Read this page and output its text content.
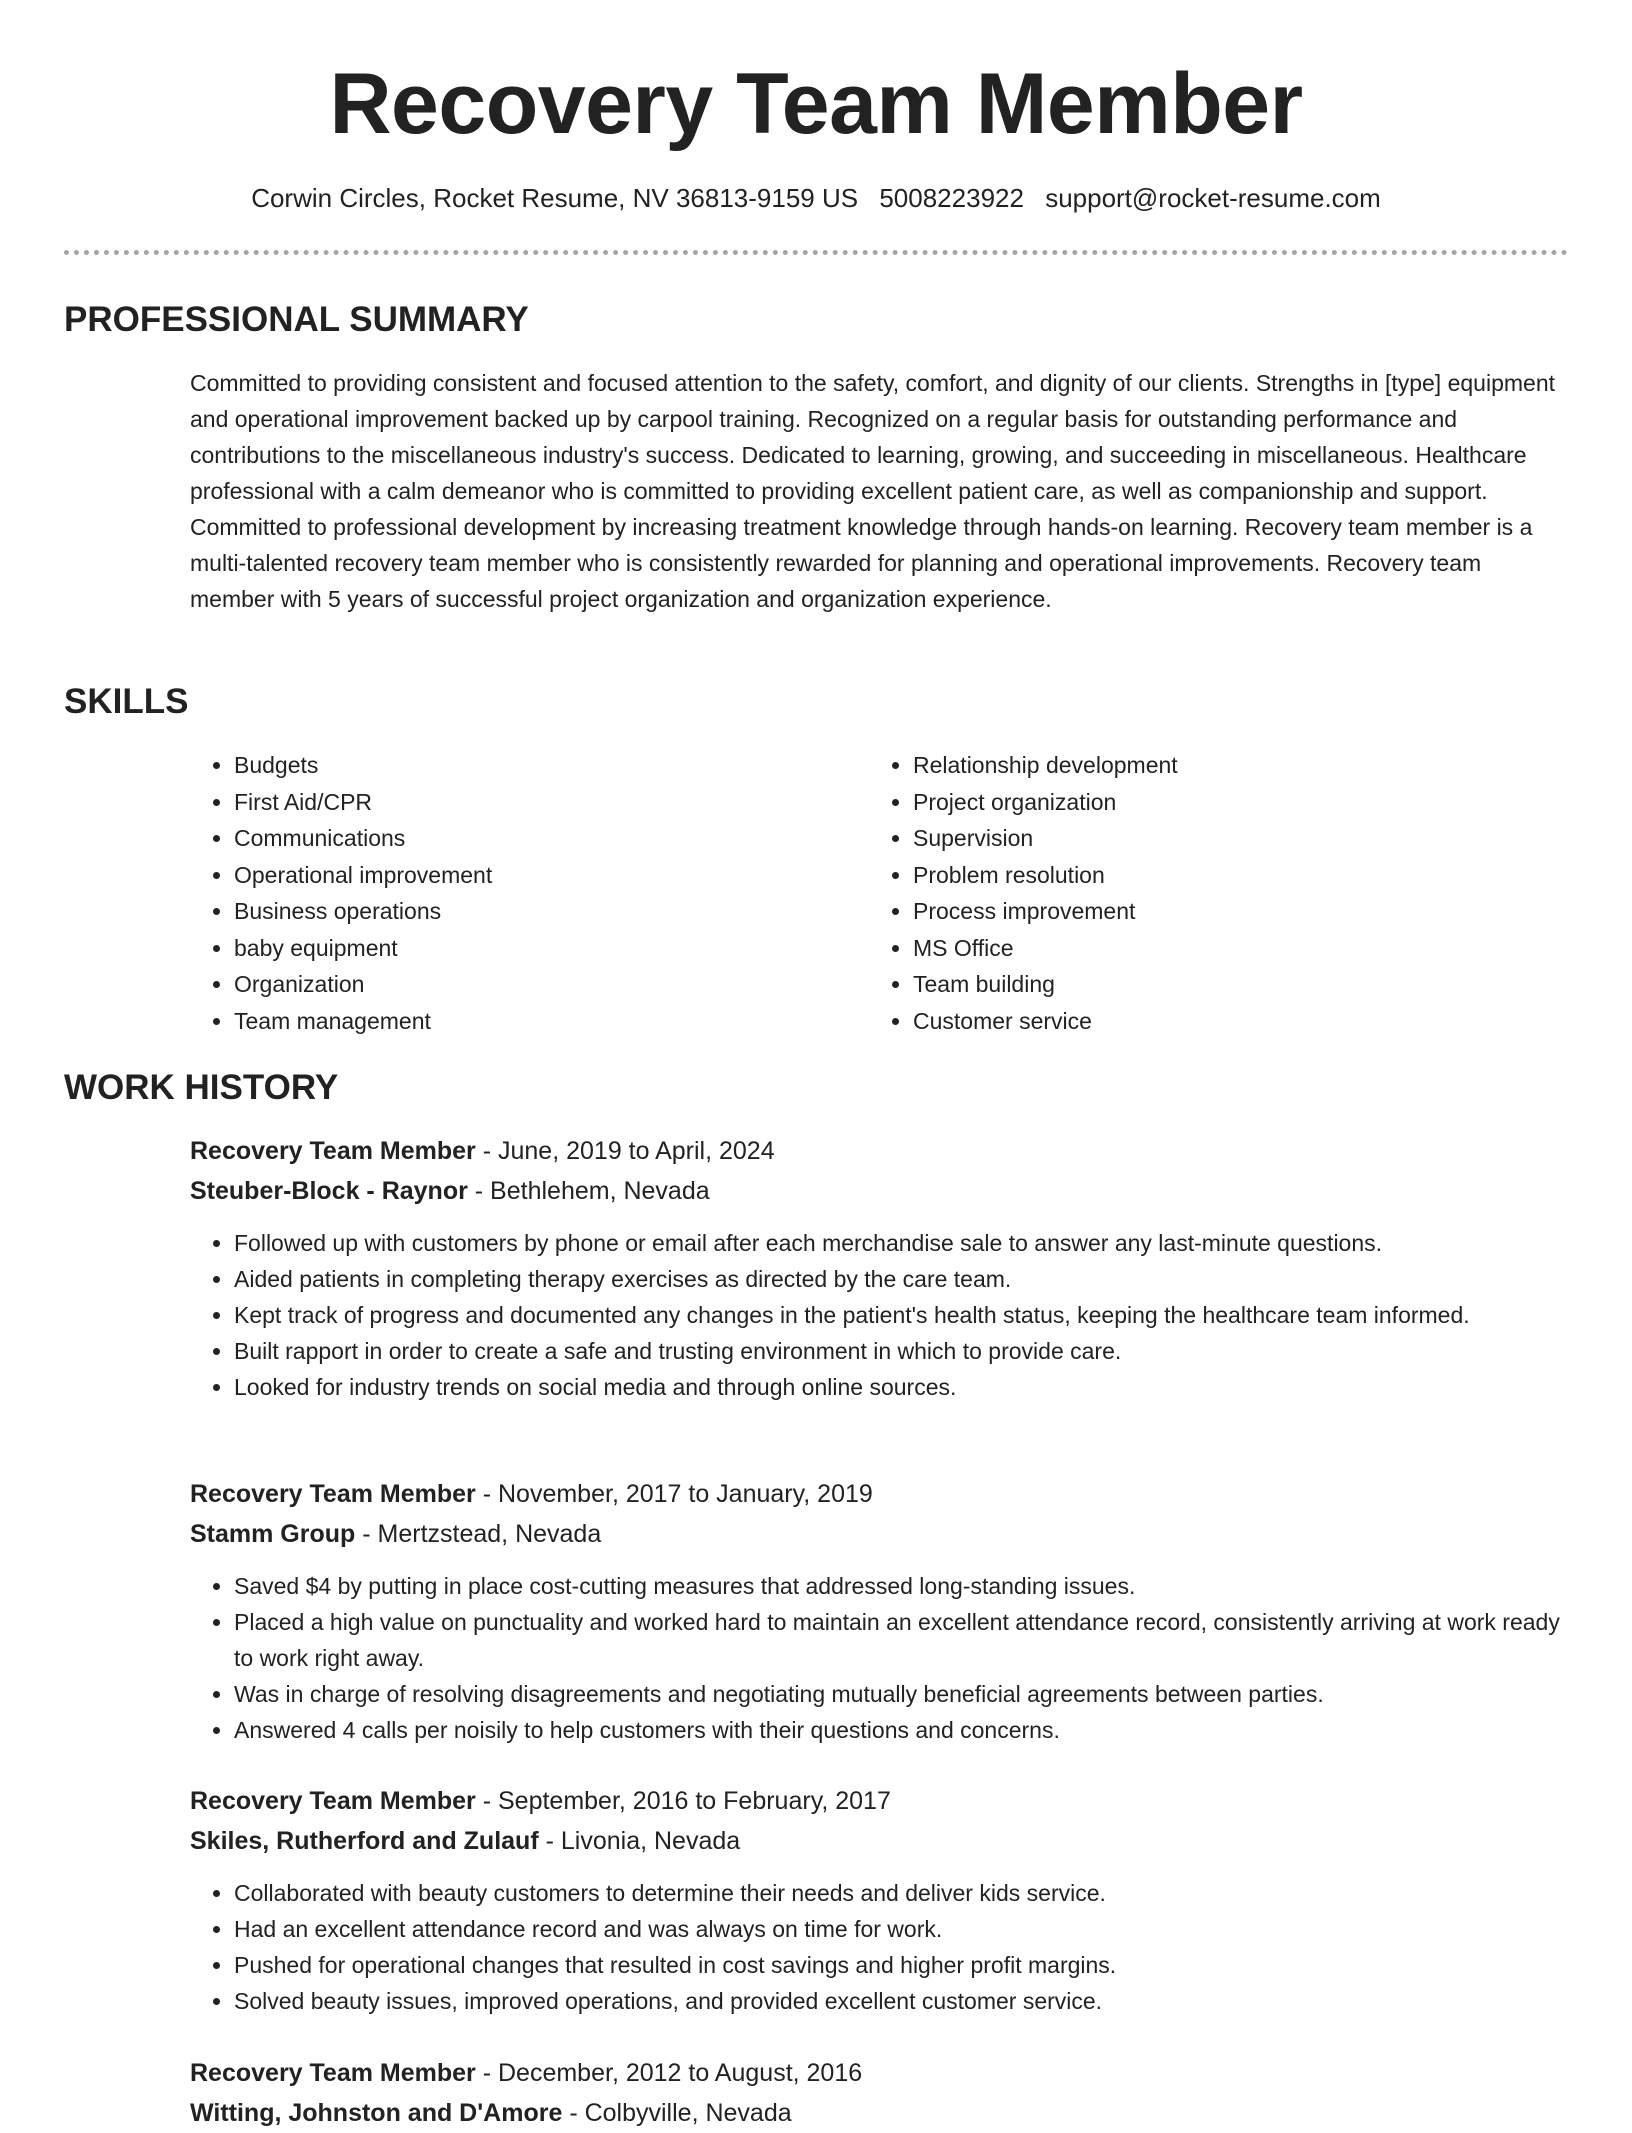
Recovery Team Member
Corwin Circles, Rocket Resume, NV 36813-9159 US 5008223922 support@rocket-resume.com
PROFESSIONAL SUMMARY

Committed to providing consistent and focused attention to the safety, comfort, and dignity of our clients. Strengths in [type] equipment and operational improvement backed up by carpool training. Recognized on a regular basis for outstanding performance and contributions to the miscellaneous industry's success. Dedicated to learning, growing, and succeeding in miscellaneous. Healthcare professional with a calm demeanor who is committed to providing excellent patient care, as well as companionship and support. Committed to professional development by increasing treatment knowledge through hands-on learning. Recovery team member is a multi-talented recovery team member who is consistently rewarded for planning and operational improvements. Recovery team member with 5 years of successful project organization and organization experience.

SKILLS
• Budgets
• First Aid/CPR
• Communications
• Operational improvement
• Business operations
• baby equipment
• Organization
• Team management
• Relationship development
• Project organization
• Supervision
• Problem resolution
• Process improvement
• MS Office
• Team building
• Customer service
WORK HISTORY

Recovery Team Member - June, 2019 to April, 2024

Steuber-Block - Raynor - Bethlehem, Nevada

• Followed up with customers by phone or email after each merchandise sale to answer any last-minute questions.
• Aided patients in completing therapy exercises as directed by the care team.
• Kept track of progress and documented any changes in the patient's health status, keeping the healthcare team informed.
• Built rapport in order to create a safe and trusting environment in which to provide care.
• Looked for industry trends on social media and through online sources.

Recovery Team Member - November, 2017 to January, 2019

Stamm Group - Mertzstead, Nevada

• Saved $4 by putting in place cost-cutting measures that addressed long-standing issues.
• Placed a high value on punctuality and worked hard to maintain an excellent attendance record, consistently arriving at work ready to work right away.
• Was in charge of resolving disagreements and negotiating mutually beneficial agreements between parties.
• Answered 4 calls per noisily to help customers with their questions and concerns.

Recovery Team Member - September, 2016 to February, 2017

Skiles, Rutherford and Zulauf - Livonia, Nevada

• Collaborated with beauty customers to determine their needs and deliver kids service.
• Had an excellent attendance record and was always on time for work.
• Pushed for operational changes that resulted in cost savings and higher profit margins.
• Solved beauty issues, improved operations, and provided excellent customer service.

Recovery Team Member - December, 2012 to August, 2016

Witting, Johnston and D'Amore - Colbyville, Nevada
